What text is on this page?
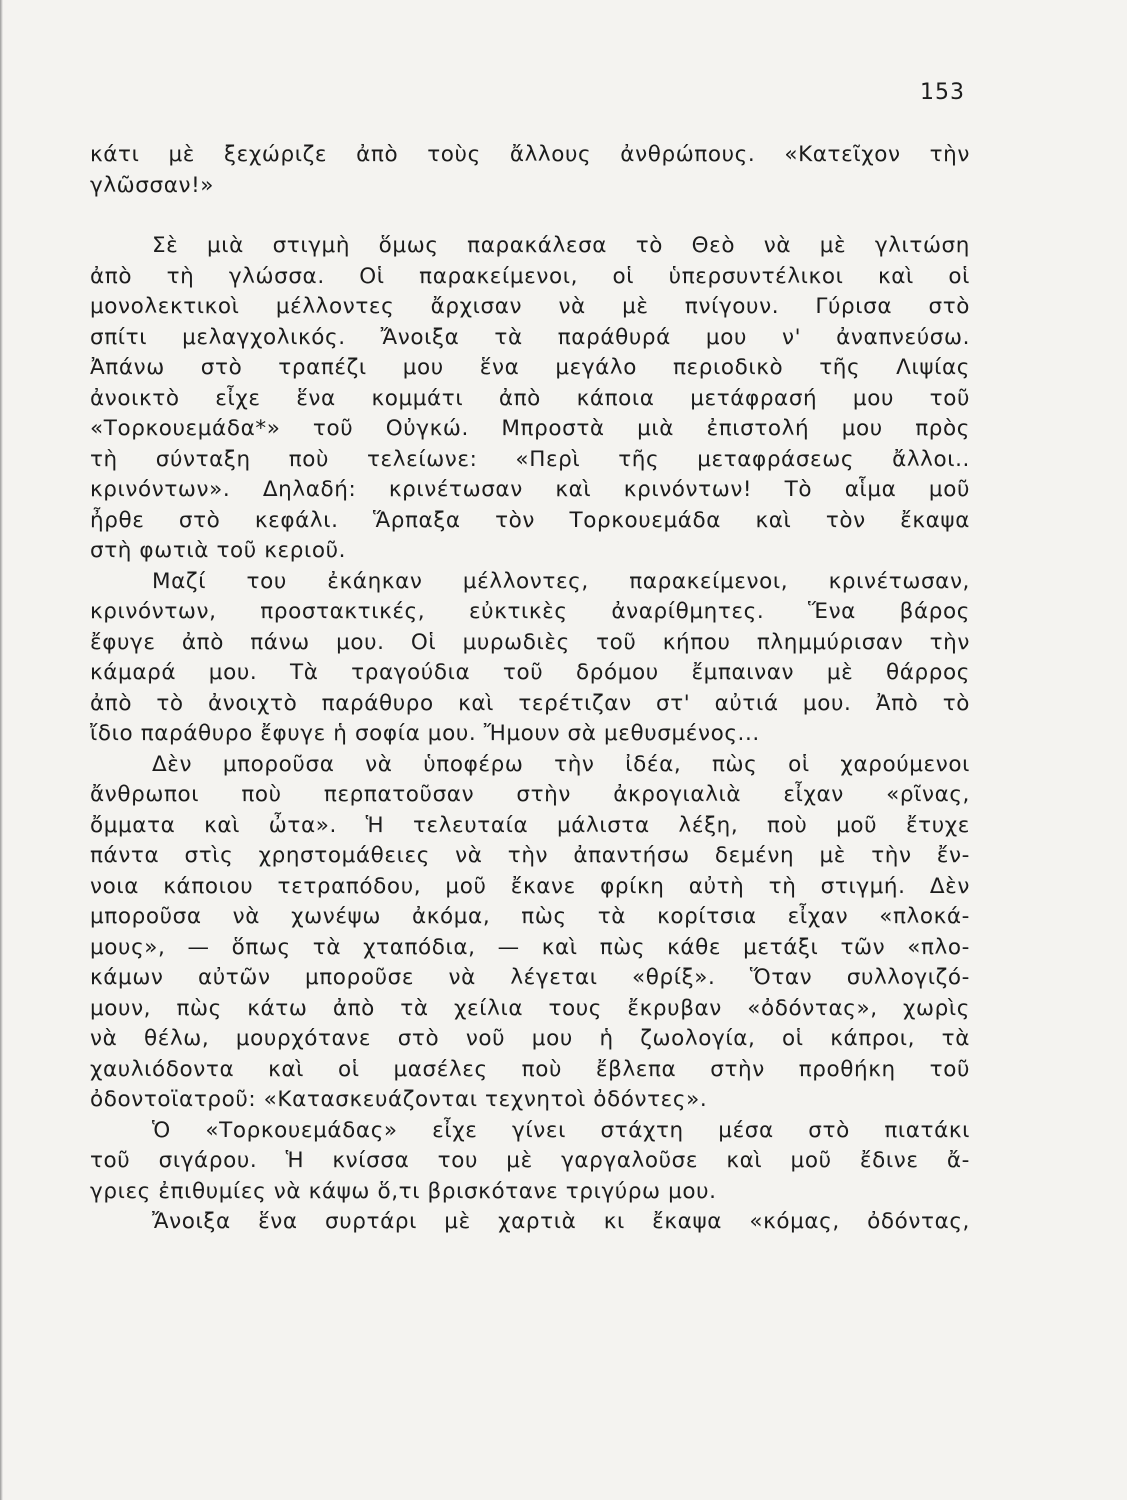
153
κάτι μὲ ξεχώριζε ἀπὸ τοὺς ἄλλους ἀνθρώπους. «Κατεῖχον τὴν
γλῶσσαν!»
Σὲ μιὰ στιγμὴ ὅμως παρακάλεσα τὸ Θεὸ νὰ μὲ γλιτώση
ἀπὸ τὴ γλώσσα. Οἱ παρακείμενοι, οἱ ὑπερσυντέλικοι καὶ οἱ
μονολεκτικοὶ μέλλοντες ἄρχισαν νὰ μὲ πνίγουν. Γύρισα στὸ
σπίτι μελαγχολικός. Ἄνοιξα τὰ παράθυρά μου ν' ἀναπνεύσω.
Ἀπάνω στὸ τραπέζι μου ἕνα μεγάλο περιοδικὸ τῆς Λιψίας
ἀνοικτὸ εἶχε ἕνα κομμάτι ἀπὸ κάποια μετάφρασή μου τοῦ
«Τορκουεμάδα*» τοῦ Οὐγκώ. Μπροστὰ μιὰ ἐπιστολή μου πρὸς
τὴ σύνταξη ποὺ τελείωνε: «Περὶ τῆς μεταφράσεως ἄλλοι..
κρινόντων». Δηλαδή: κρινέτωσαν καὶ κρινόντων! Τὸ αἷμα μοῦ
ἦρθε στὸ κεφάλι. Ἅρπαξα τὸν Τορκουεμάδα καὶ τὸν ἔκαψα
στὴ φωτιὰ τοῦ κεριοῦ.
Μαζί του ἐκάηκαν μέλλοντες, παρακείμενοι, κρινέτωσαν,
κρινόντων, προστακτικές, εὐκτικὲς ἀναρίθμητες. Ἕνα βάρος
ἔφυγε ἀπὸ πάνω μου. Οἱ μυρωδιὲς τοῦ κήπου πλημμύρισαν τὴν
κάμαρά μου. Τὰ τραγούδια τοῦ δρόμου ἔμπαιναν μὲ θάρρος
ἀπὸ τὸ ἀνοιχτὸ παράθυρο καὶ τερέτιζαν στ' αὐτιά μου. Ἀπὸ τὸ
ἴδιο παράθυρο ἔφυγε ἡ σοφία μου. Ἤμουν σὰ μεθυσμένος...
Δὲν μποροῦσα νὰ ὑποφέρω τὴν ἰδέα, πὼς οἱ χαρούμενοι
ἄνθρωποι ποὺ περπατοῦσαν στὴν ἀκρογιαλιὰ εἶχαν «ρῖνας,
ὄμματα καὶ ὦτα». Ἡ τελευταία μάλιστα λέξη, ποὺ μοῦ ἔτυχε
πάντα στὶς χρηστομάθειες νὰ τὴν ἀπαντήσω δεμένη μὲ τὴν ἔν-
νοια κάποιου τετραπόδου, μοῦ ἔκανε φρίκη αὐτὴ τὴ στιγμή. Δὲν
μποροῦσα νὰ χωνέψω ἀκόμα, πὼς τὰ κορίτσια εἶχαν «πλοκά-
μους», — ὅπως τὰ χταπόδια, — καὶ πὼς κάθε μετάξι τῶν «πλο-
κάμων αὐτῶν μποροῦσε νὰ λέγεται «θρίξ». Ὅταν συλλογιζό-
μουν, πὼς κάτω ἀπὸ τὰ χείλια τους ἔκρυβαν «ὀδόντας», χωρὶς
νὰ θέλω, μουρχότανε στὸ νοῦ μου ἡ ζωολογία, οἱ κάπροι, τὰ
χαυλιόδοντα καὶ οἱ μασέλες ποὺ ἔβλεπα στὴν προθήκη τοῦ
ὀδοντοϊατροῦ: «Κατασκευάζονται τεχνητοὶ ὀδόντες».
Ὁ «Τορκουεμάδας» εἶχε γίνει στάχτη μέσα στὸ πιατάκι
τοῦ σιγάρου. Ἡ κνίσσα του μὲ γαργαλοῦσε καὶ μοῦ ἔδινε ἄ-
γριες ἐπιθυμίες νὰ κάψω ὅ,τι βρισκότανε τριγύρω μου.
Ἄνοιξα ἕνα συρτάρι μὲ χαρτιὰ κι ἔκαψα «κόμας, ὀδόντας,
